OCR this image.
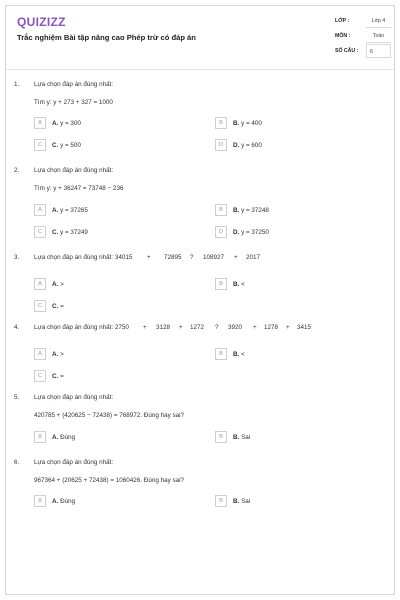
QUIZIZZ
Trắc nghiệm Bài tập nâng cao Phép trừ có đáp án
LỚP :	Lớp 4
MÔN :	Toán
SỐ CÂU :	6
1. Lựa chọn đáp án đúng nhất:
Tìm y: y + 273 + 327 = 1000
A	A. y = 300	B	B. y = 400
C	C. y = 500	D	D. y = 600
2. Lựa chọn đáp án đúng nhất:
Tìm y: y + 36247 = 73748 − 236
A	A. y = 37265	B	B. y = 37248
C	C. y = 37249	D	D. y = 37250
3. Lựa chọn đáp án đúng nhất: 34015 + 72895 ? 108927 + 2017
A	A. >	B	B. <
C	C. =
4. Lựa chọn đáp án đúng nhất: 2750 + 3128 + 1272 ? 3920 + 1278 + 3415
A	A. >	B	B. <
C	C. =
5. Lựa chọn đáp án đúng nhất:
420785 + (420625 − 72438) = 768972. Đúng hay sai?
A	A. Đúng	B	B. Sai
6. Lựa chọn đáp án đúng nhất:
967364 + (20625 + 72438) = 1060426. Đúng hay sai?
A	A. Đúng	B	B. Sai
